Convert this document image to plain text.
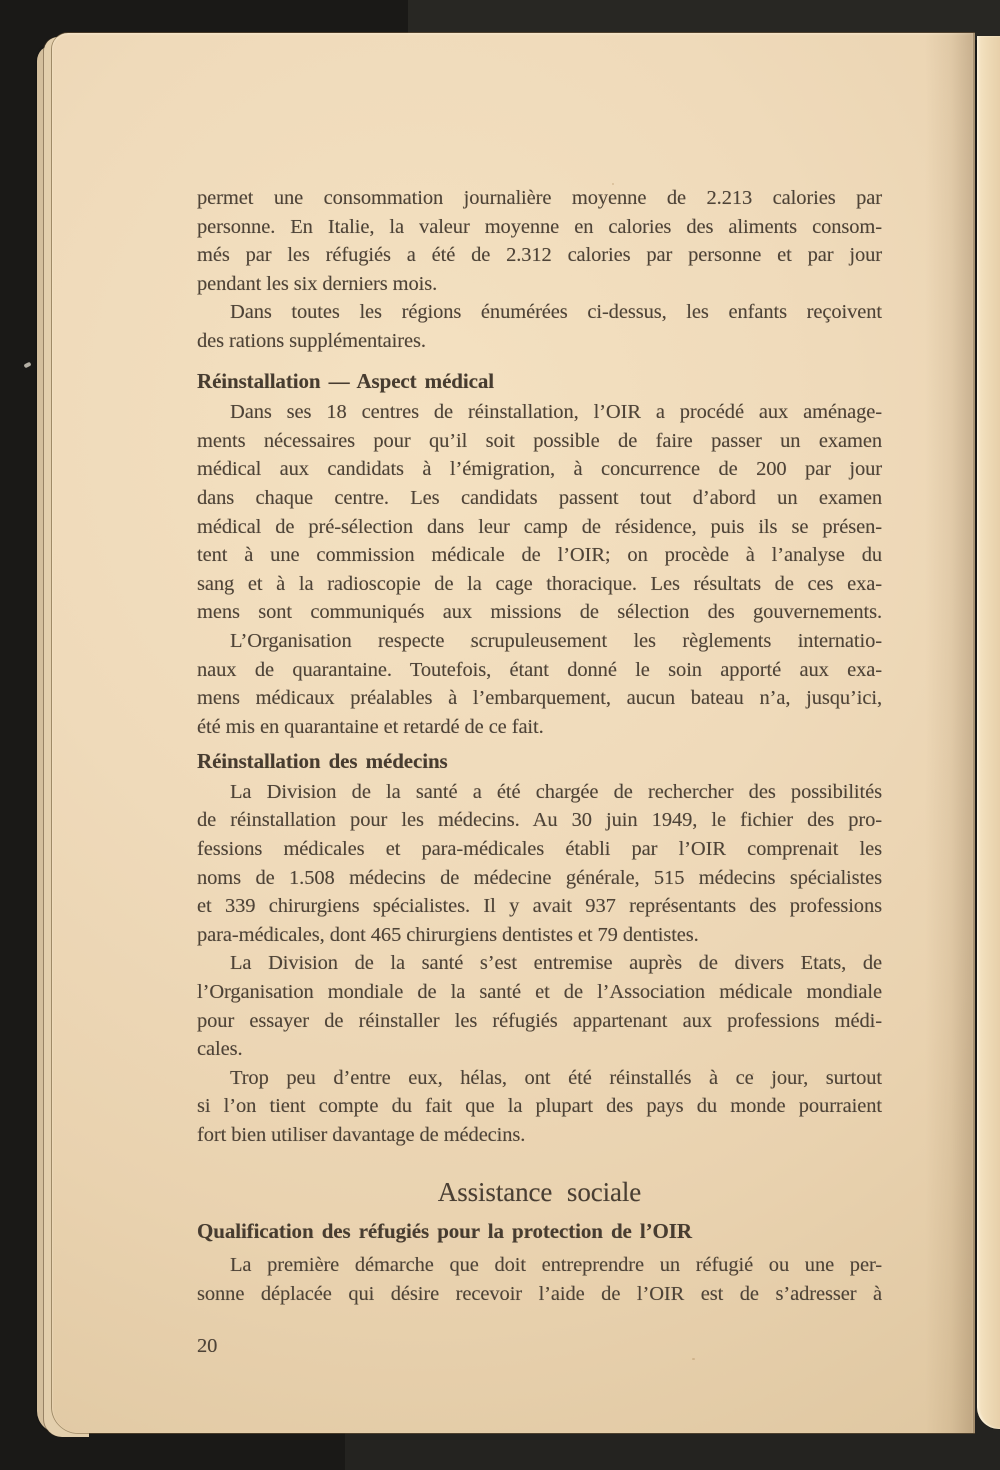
permet une consommation journalière moyenne de 2.213 calories par
personne. En Italie, la valeur moyenne en calories des aliments consom-
més par les réfugiés a été de 2.312 calories par personne et par jour
pendant les six derniers mois.
Dans toutes les régions énumérées ci-dessus, les enfants reçoivent
des rations supplémentaires.
Réinstallation — Aspect médical
Dans ses 18 centres de réinstallation, l’OIR a procédé aux aménage-
ments nécessaires pour qu’il soit possible de faire passer un examen
médical aux candidats à l’émigration, à concurrence de 200 par jour
dans chaque centre. Les candidats passent tout d’abord un examen
médical de pré-sélection dans leur camp de résidence, puis ils se présen-
tent à une commission médicale de l’OIR; on procède à l’analyse du
sang et à la radioscopie de la cage thoracique. Les résultats de ces exa-
mens sont communiqués aux missions de sélection des gouvernements.
L’Organisation respecte scrupuleusement les règlements internatio-
naux de quarantaine. Toutefois, étant donné le soin apporté aux exa-
mens médicaux préalables à l’embarquement, aucun bateau n’a, jusqu’ici,
été mis en quarantaine et retardé de ce fait.
Réinstallation des médecins
La Division de la santé a été chargée de rechercher des possibilités
de réinstallation pour les médecins. Au 30 juin 1949, le fichier des pro-
fessions médicales et para-médicales établi par l’OIR comprenait les
noms de 1.508 médecins de médecine générale, 515 médecins spécialistes
et 339 chirurgiens spécialistes. Il y avait 937 représentants des professions
para-médicales, dont 465 chirurgiens dentistes et 79 dentistes.
La Division de la santé s’est entremise auprès de divers Etats, de
l’Organisation mondiale de la santé et de l’Association médicale mondiale
pour essayer de réinstaller les réfugiés appartenant aux professions médi-
cales.
Trop peu d’entre eux, hélas, ont été réinstallés à ce jour, surtout
si l’on tient compte du fait que la plupart des pays du monde pourraient
fort bien utiliser davantage de médecins.
Assistance sociale
Qualification des réfugiés pour la protection de l’OIR
La première démarche que doit entreprendre un réfugié ou une per-
sonne déplacée qui désire recevoir l’aide de l’OIR est de s’adresser à
20
